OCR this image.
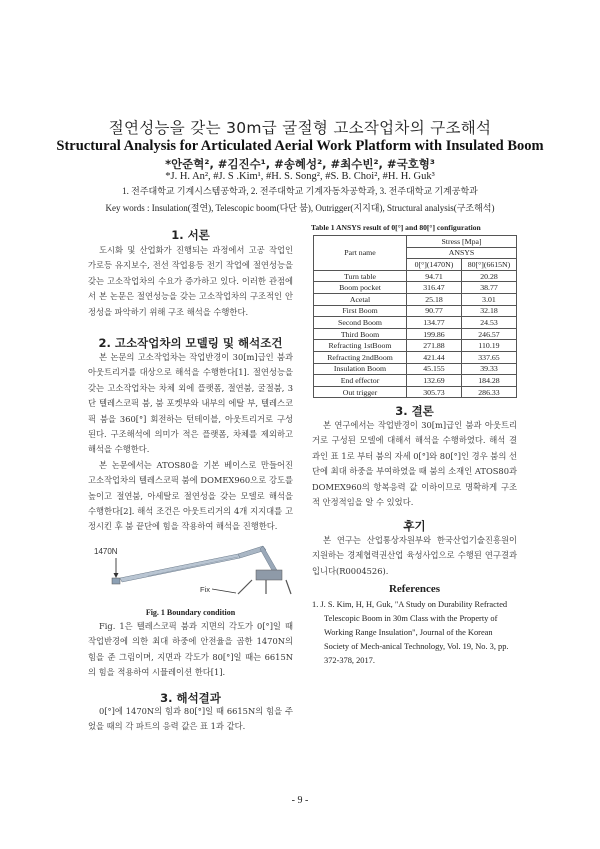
절연성능을 갖는 30m급 굴절형 고소작업차의 구조해석
Structural Analysis for Articulated Aerial Work Platform with Insulated Boom
*안준혁², #김진수¹, #송혜성², #최수빈², #국호형³
*J. H. An², #J. S .Kim¹, #H. S. Song², #S. B. Choi², #H. H. Guk³
1. 전주대학교 기계시스템공학과, 2. 전주대학교 기계자동차공학과, 3. 전주대학교 기계공학과
Key words : Insulation(절연), Telescopic boom(다단 붐), Outrigger(지지대), Structural analysis(구조해석)
1. 서론

도시화 및 산업화가 진행되는 과정에서 고공 작업인 가로등 유지보수, 전선 작업용등 전기 작업에 절연성능을 갖는 고소작업차의 수요가 증가하고 있다. 이러한 관점에서 본 논문은 절연성능을 갖는 고소작업차의 구조적인 안정성을 파악하기 위해 구조 해석을 수행한다.

2. 고소작업차의 모델링 및 해석조건

본 논문의 고소작업차는 작업반경이 30[m]급인 붐과 아웃트리거를 대상으로 해석을 수행한다[1]. 절연성능을 갖는 고소작업차는 차체 외에 플랫폼, 절연붐, 굴절붐, 3단 텔레스코픽 붐, 붐 포켓부와 내부의 에탈 부, 텔레스코픽 붐을 360[°] 회전하는 턴테이블, 아웃트리거로 구성된다. 구조해석에 의미가 적은 플랫폼, 차체를 제외하고 해석을 수행한다.

본 논문에서는 ATOS80을 기본 베이스로 만들어진 고소작업차의 텔레스코픽 붐에 DOMEX960으로 강도를 높이고 절연붐, 아세탈로 절연성을 갖는 모델로 해석을 수행한다[2]. 해석 조건은 아웃트리거의 4개 지지대를 고정시킨 후 붐 끝단에 힘을 작용하여 해석을 진행한다.

1470N
Fix
Fig. 1 Boundary condition

Fig. 1은 텔레스코픽 붐과 지면의 각도가 0[°]일 때 작업반경에 의한 최대 하중에 안전율을 곱한 1470N의 힘을 준 그림이며, 지면과 각도가 80[°]일 때는 6615N의 힘을 적용하여 시뮬레이션 한다[1].

3. 해석결과

0[°]에 1470N의 힘과 80[°]일 때 6615N의 힘을 주었을 때의 각 파트의 응력 값은 표 1과 같다.

Table 1 ANSYS result of 0[°] and 80[°] configuration
Part name	Stress [Mpa]	
	ANSYS	
	0[°](1470N)	80[°](6615N)
Turn table	94.71	20.28
Boom pocket	316.47	38.77
Acetal	25.18	3.01
First Boom	90.77	32.18
Second Boom	134.77	24.53
Third Boom	199.86	246.57
Refracting 1stBoom	271.88	110.19
Refracting 2ndBoom	421.44	337.65
Insulation Boom	45.155	39.33
End effector	132.69	184.28
Out trigger	305.73	286.33
3. 결론

본 연구에서는 작업반경이 30[m]급인 붐과 아웃트리거로 구성된 모델에 대해서 해석을 수행하였다. 해석 결과인 표 1로 부터 붐의 자세 0[°]와 80[°]인 경우 붐의 선단에 최대 하중을 부여하였을 때 붐의 소재인 ATOS80과 DOMEX960의 항복응력 값 이하이므로 명확하게 구조적 안정적임을 알 수 있었다.

후기

본 연구는 산업통상자원부와 한국산업기술진흥원이 지원하는 경제협력권산업 육성사업으로 수행된 연구결과입니다(R0004526).

References
1. J. S. Kim, H, H, Guk, "A Study on Durability Refracted Telescopic Boom in 30m Class with the Property of Working Range Insulation", Journal of the Korean Society of Mech-anical Technology, Vol. 19, No. 3, pp. 372-378, 2017.
- 9 -
